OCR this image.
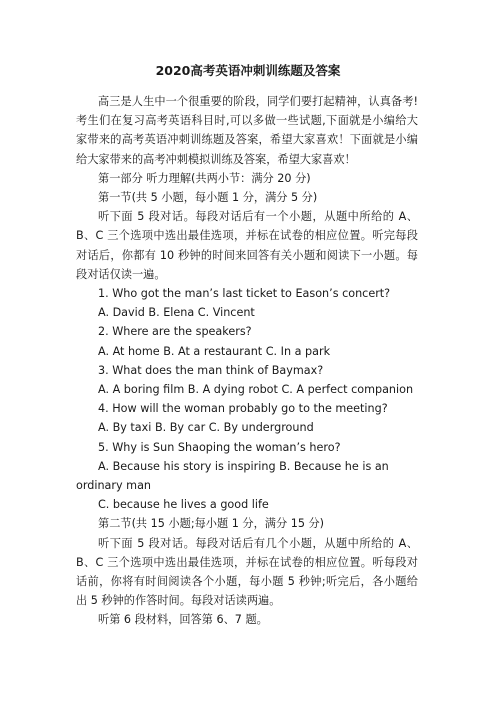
2020高考英语冲刺训练题及答案

高三是人生中一个很重要的阶段，同学们要打起精神，认真备考!考生们在复习高考英语科目时,可以多做一些试题,下面就是小编给大家带来的高考英语冲刺训练题及答案，希望大家喜欢！下面就是小编给大家带来的高考冲刺模拟训练及答案，希望大家喜欢！

第一部分 听力理解(共两小节：满分 20 分)

第一节(共 5 小题，每小题 1 分，满分 5 分)

听下面 5 段对话。每段对话后有一个小题，从题中所给的 A、B、C 三个选项中选出最佳选项，并标在试卷的相应位置。听完每段对话后，你都有 10 秒钟的时间来回答有关小题和阅读下一小题。每段对话仅读一遍。

1. Who got the man’s last ticket to Eason’s concert?

A. David B. Elena C. Vincent

2. Where are the speakers?

A. At home B. At a restaurant C. In a park

3. What does the man think of Baymax?

A. A boring film B. A dying robot C. A perfect companion

4. How will the woman probably go to the meeting?

A. By taxi B. By car C. By underground

5. Why is Sun Shaoping the woman’s hero?

A. Because his story is inspiring B. Because he is an ordinary man

C. because he lives a good life

第二节(共 15 小题;每小题 1 分，满分 15 分)

听下面 5 段对话。每段对话后有几个小题，从题中所给的 A、B、C 三个选项中选出最佳选项，并标在试卷的相应位置。听每段对话前，你将有时间阅读各个小题，每小题 5 秒钟;听完后，各小题给出 5 秒钟的作答时间。每段对话读两遍。

听第 6 段材料，回答第 6、7 题。
